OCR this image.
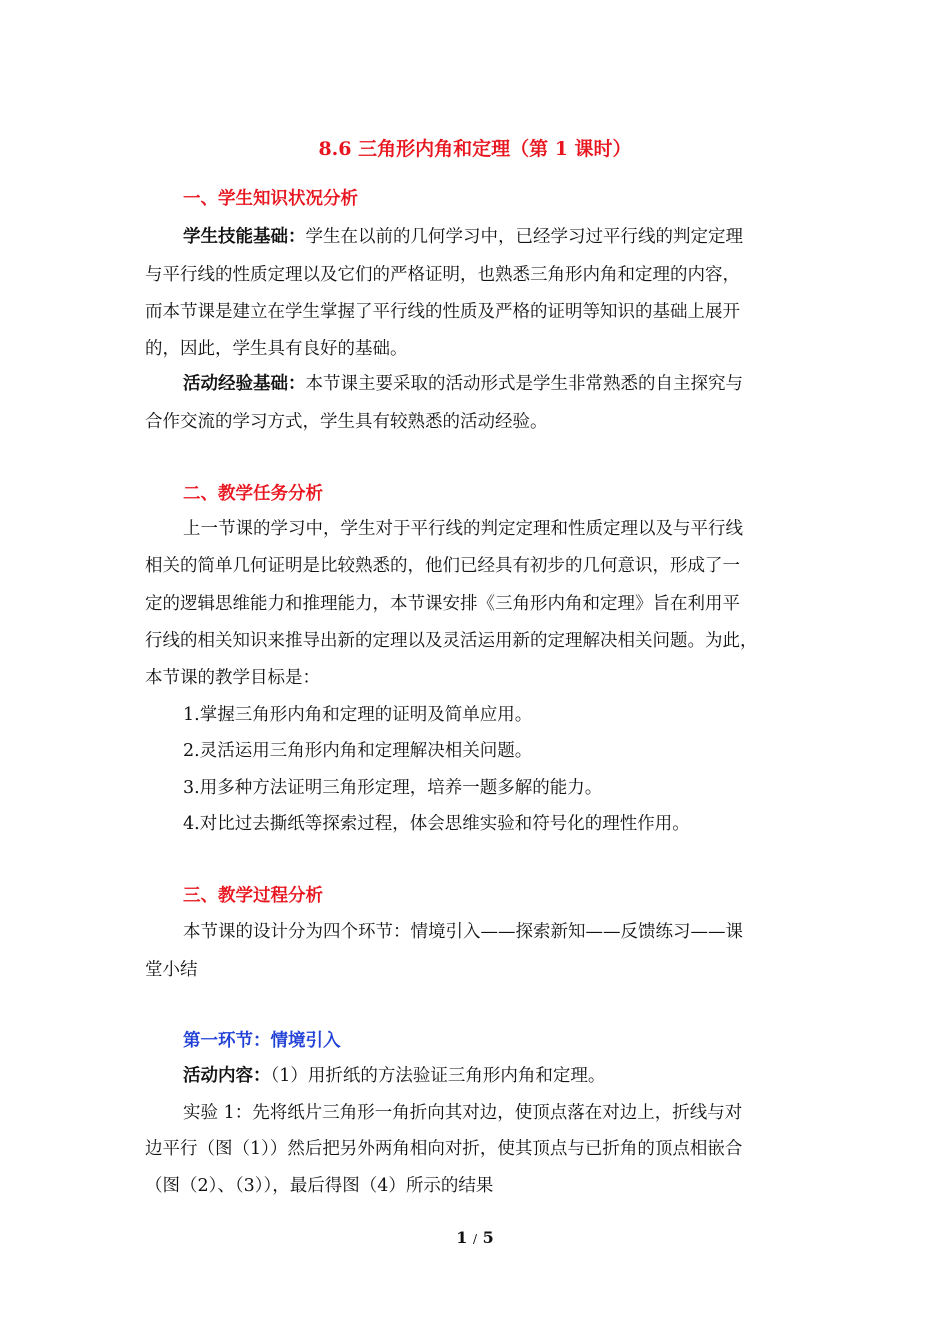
8.6 三角形内角和定理（第 1 课时）
一、学生知识状况分析
学生技能基础：学生在以前的几何学习中，已经学习过平行线的判定定理
与平行线的性质定理以及它们的严格证明，也熟悉三角形内角和定理的内容，
而本节课是建立在学生掌握了平行线的性质及严格的证明等知识的基础上展开
的，因此，学生具有良好的基础。
活动经验基础：本节课主要采取的活动形式是学生非常熟悉的自主探究与
合作交流的学习方式，学生具有较熟悉的活动经验。
二、教学任务分析
上一节课的学习中，学生对于平行线的判定定理和性质定理以及与平行线
相关的简单几何证明是比较熟悉的，他们已经具有初步的几何意识，形成了一
定的逻辑思维能力和推理能力，本节课安排《三角形内角和定理》旨在利用平
行线的相关知识来推导出新的定理以及灵活运用新的定理解决相关问题。为此，
本节课的教学目标是：
1.掌握三角形内角和定理的证明及简单应用。
2.灵活运用三角形内角和定理解决相关问题。
3.用多种方法证明三角形定理，培养一题多解的能力。
4.对比过去撕纸等探索过程，体会思维实验和符号化的理性作用。
三、教学过程分析
本节课的设计分为四个环节：情境引入——探索新知——反馈练习——课
堂小结
第一环节：情境引入
活动内容：（1）用折纸的方法验证三角形内角和定理。
实验 1：先将纸片三角形一角折向其对边，使顶点落在对边上，折线与对
边平行（图（1））然后把另外两角相向对折，使其顶点与已折角的顶点相嵌合
（图（2）、（3）），最后得图（4）所示的结果
1 / 5
